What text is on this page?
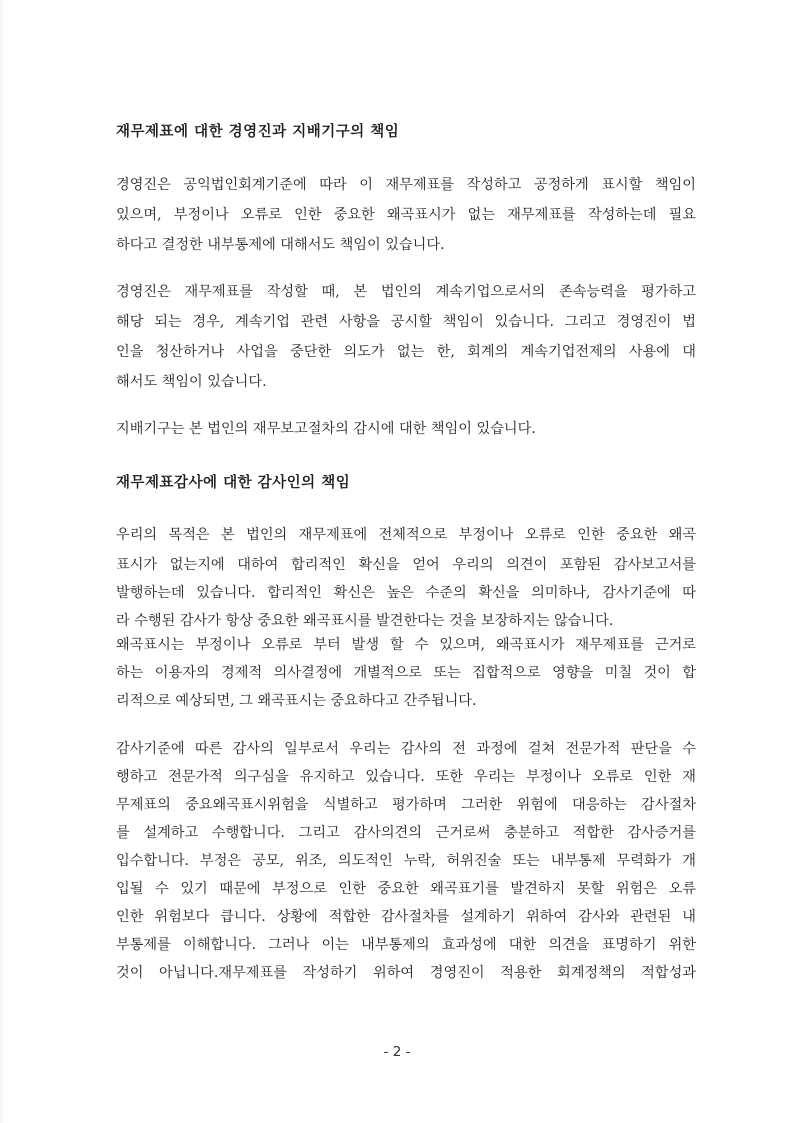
재무제표에 대한 경영진과 지배기구의 책임
경영진은 공익법인회계기준에 따라 이 재무제표를 작성하고 공정하게 표시할 책임이
있으며, 부정이나 오류로 인한 중요한 왜곡표시가 없는 재무제표를 작성하는데 필요
하다고 결정한 내부통제에 대해서도 책임이 있습니다.
경영진은 재무제표를 작성할 때, 본 법인의 계속기업으로서의 존속능력을 평가하고
해당 되는 경우, 계속기업 관련 사항을 공시할 책임이 있습니다. 그리고 경영진이 법
인을 청산하거나 사업을 중단한 의도가 없는 한, 회계의 계속기업전제의 사용에 대
해서도 책임이 있습니다.
지배기구는 본 법인의 재무보고절차의 감시에 대한 책임이 있습니다.
재무제표감사에 대한 감사인의 책임
우리의 목적은 본 법인의 재무제표에 전체적으로 부정이나 오류로 인한 중요한 왜곡
표시가 없는지에 대하여 합리적인 확신을 얻어 우리의 의견이 포함된 감사보고서를
발행하는데 있습니다. 합리적인 확신은 높은 수준의 확신을 의미하나, 감사기준에 따
라 수행된 감사가 항상 중요한 왜곡표시를 발견한다는 것을 보장하지는 않습니다.
왜곡표시는 부정이나 오류로 부터 발생 할 수 있으며, 왜곡표시가 재무제표를 근거로
하는 이용자의 경제적 의사결정에 개별적으로 또는 집합적으로 영향을 미칠 것이 합
리적으로 예상되면, 그 왜곡표시는 중요하다고 간주됩니다.
감사기준에 따른 감사의 일부로서 우리는 감사의 전 과정에 걸쳐 전문가적 판단을 수
행하고 전문가적 의구심을 유지하고 있습니다. 또한 우리는 부정이나 오류로 인한 재
무제표의 중요왜곡표시위험을 식별하고 평가하며 그러한 위험에 대응하는 감사절차
를 설계하고 수행합니다. 그리고 감사의견의 근거로써 충분하고 적합한 감사증거를
입수합니다. 부정은 공모, 위조, 의도적인 누락, 허위진술 또는 내부통제 무력화가 개
입될 수 있기 때문에 부정으로 인한 중요한 왜곡표기를 발견하지 못할 위험은 오류
인한 위험보다 큽니다. 상황에 적합한 감사절차를 설계하기 위하여 감사와 관련된 내
부통제를 이해합니다. 그러나 이는 내부통제의 효과성에 대한 의견을 표명하기 위한
것이 아닙니다.재무제표를 작성하기 위하여 경영진이 적용한 회계정책의 적합성과
- 2 -
